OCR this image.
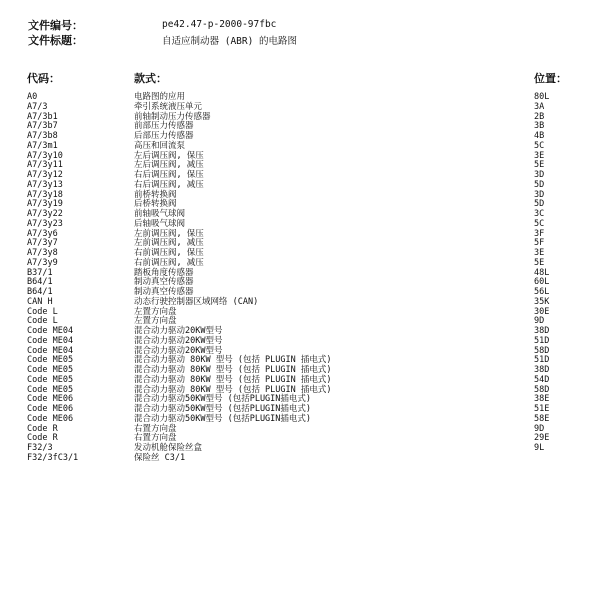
文件编号：	pe42.47-p-2000-97fbc
文件标题：	自适应制动器 (ABR) 的电路图
代码：	款式：	位置：
A0	电路图的应用	80L
A7/3	牵引系统液压单元	3A
A7/3b1	前轴制动压力传感器	2B
A7/3b7	前部压力传感器	3B
A7/3b8	后部压力传感器	4B
A7/3m1	高压和回流泵	5C
A7/3y10	左后调压阀, 保压	3E
A7/3y11	左后调压阀, 减压	5E
A7/3y12	右后调压阀, 保压	3D
A7/3y13	右后调压阀, 减压	5D
A7/3y18	前桥转换阀	3D
A7/3y19	后桥转换阀	5D
A7/3y22	前轴吸气球阀	3C
A7/3y23	后轴吸气球阀	5C
A7/3y6	左前调压阀, 保压	3F
A7/3y7	左前调压阀, 减压	5F
A7/3y8	右前调压阀, 保压	3E
A7/3y9	右前调压阀, 减压	5E
B37/1	踏板角度传感器	48L
B64/1	制动真空传感器	60L
B64/1	制动真空传感器	56L
CAN H	动态行驶控制器区域网络 (CAN)	35K
Code L	左置方向盘	30E
Code L	左置方向盘	9D
Code ME04	混合动力驱动20KW型号	38D
Code ME04	混合动力驱动20KW型号	51D
Code ME04	混合动力驱动20KW型号	58D
Code ME05	混合动力驱动 80KW 型号 (包括 PLUGIN 插电式)	51D
Code ME05	混合动力驱动 80KW 型号 (包括 PLUGIN 插电式)	38D
Code ME05	混合动力驱动 80KW 型号 (包括 PLUGIN 插电式)	54D
Code ME05	混合动力驱动 80KW 型号 (包括 PLUGIN 插电式)	58D
Code ME06	混合动力驱动50KW型号 (包括PLUGIN插电式)	38E
Code ME06	混合动力驱动50KW型号 (包括PLUGIN插电式)	51E
Code ME06	混合动力驱动50KW型号 (包括PLUGIN插电式)	58E
Code R	右置方向盘	9D
Code R	右置方向盘	29E
F32/3	发动机舱保险丝盒	9L
F32/3fC3/1	保险丝 C3/1
